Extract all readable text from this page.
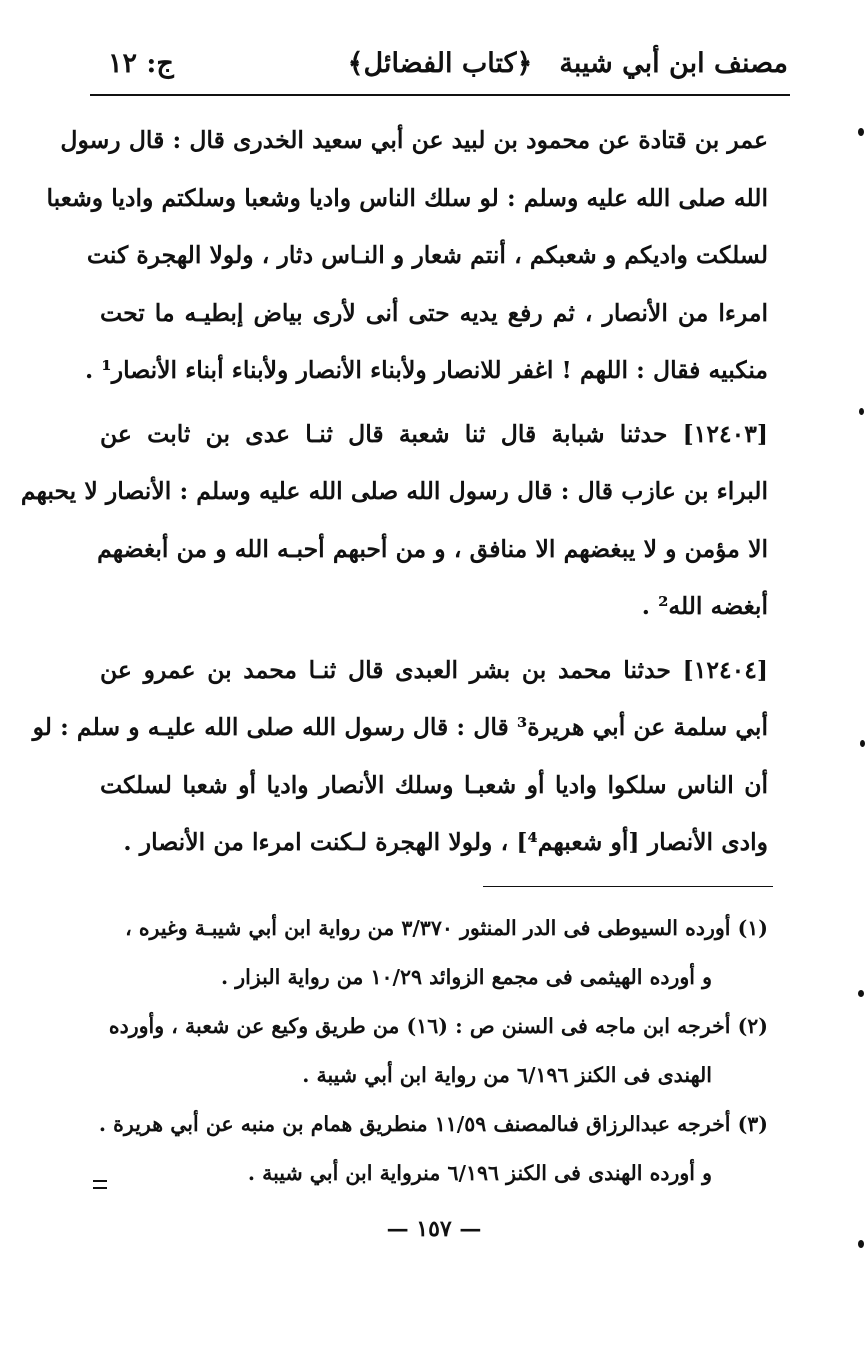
مصنف ابن أبي شيبة
﴿كتاب الفضائل﴾
ج: ١٢
عمر بن قتادة عن محمود بن لبيد عن أبي سعيد الخدرى قال : قال رسول
الله صلى الله عليه وسلم : لو سلك الناس واديا وشعبا وسلكتم واديا وشعبا
لسلكت واديكم و شعبكم ، أنتم شعار و النـاس دثار ، ولولا الهجرة كنت
امرءا من الأنصار ، ثم رفع يديه حتى أنى لأرى بياض إبطيـه ما تحت
منكبيه فقال : اللهم ! اغفر للانصار ولأبناء الأنصار ولأبناء أبناء الأنصار¹ .
[١٢٤٠٣] حدثنا شبابة قال ثنا شعبة قال ثنـا عدى بن ثابت عن
البراء بن عازب قال : قال رسول الله صلى الله عليه وسلم : الأنصار لا يحبهم
الا مؤمن و لا يبغضهم الا منافق ، و من أحبهم أحبـه الله و من أبغضهم
أبغضه الله² .
[١٢٤٠٤] حدثنا محمد بن بشر العبدى قال ثنـا محمد بن عمرو عن
أبي سلمة عن أبي هريرة³ قال : قال رسول الله صلى الله عليـه و سلم : لو
أن الناس سلكوا واديا أو شعبـا وسلك الأنصار واديا أو شعبا لسلكت
وادى الأنصار [أو شعبهم⁴] ، ولولا الهجرة لـكنت امرءا من الأنصار .
(١) أورده السيوطى فى الدر المنثور ٣/٣٧٠ من رواية ابن أبي شيبـة وغيره ،
و أورده الهيثمى فى مجمع الزوائد ١٠/٢٩ من رواية البزار .
(٢) أخرجه ابن ماجه فى السنن ص : (١٦) من طريق وكيع عن شعبة ، وأورده
الهندى فى الكنز ٦/١٩٦ من رواية ابن أبي شيبة .
(٣) أخرجه عبدالرزاق فىالمصنف ١١/٥٩ منطريق همام بن منبه عن أبي هريرة .
و أورده الهندى فى الكنز ٦/١٩٦ منرواية ابن أبي شيبة .
— ١٥٧ —
